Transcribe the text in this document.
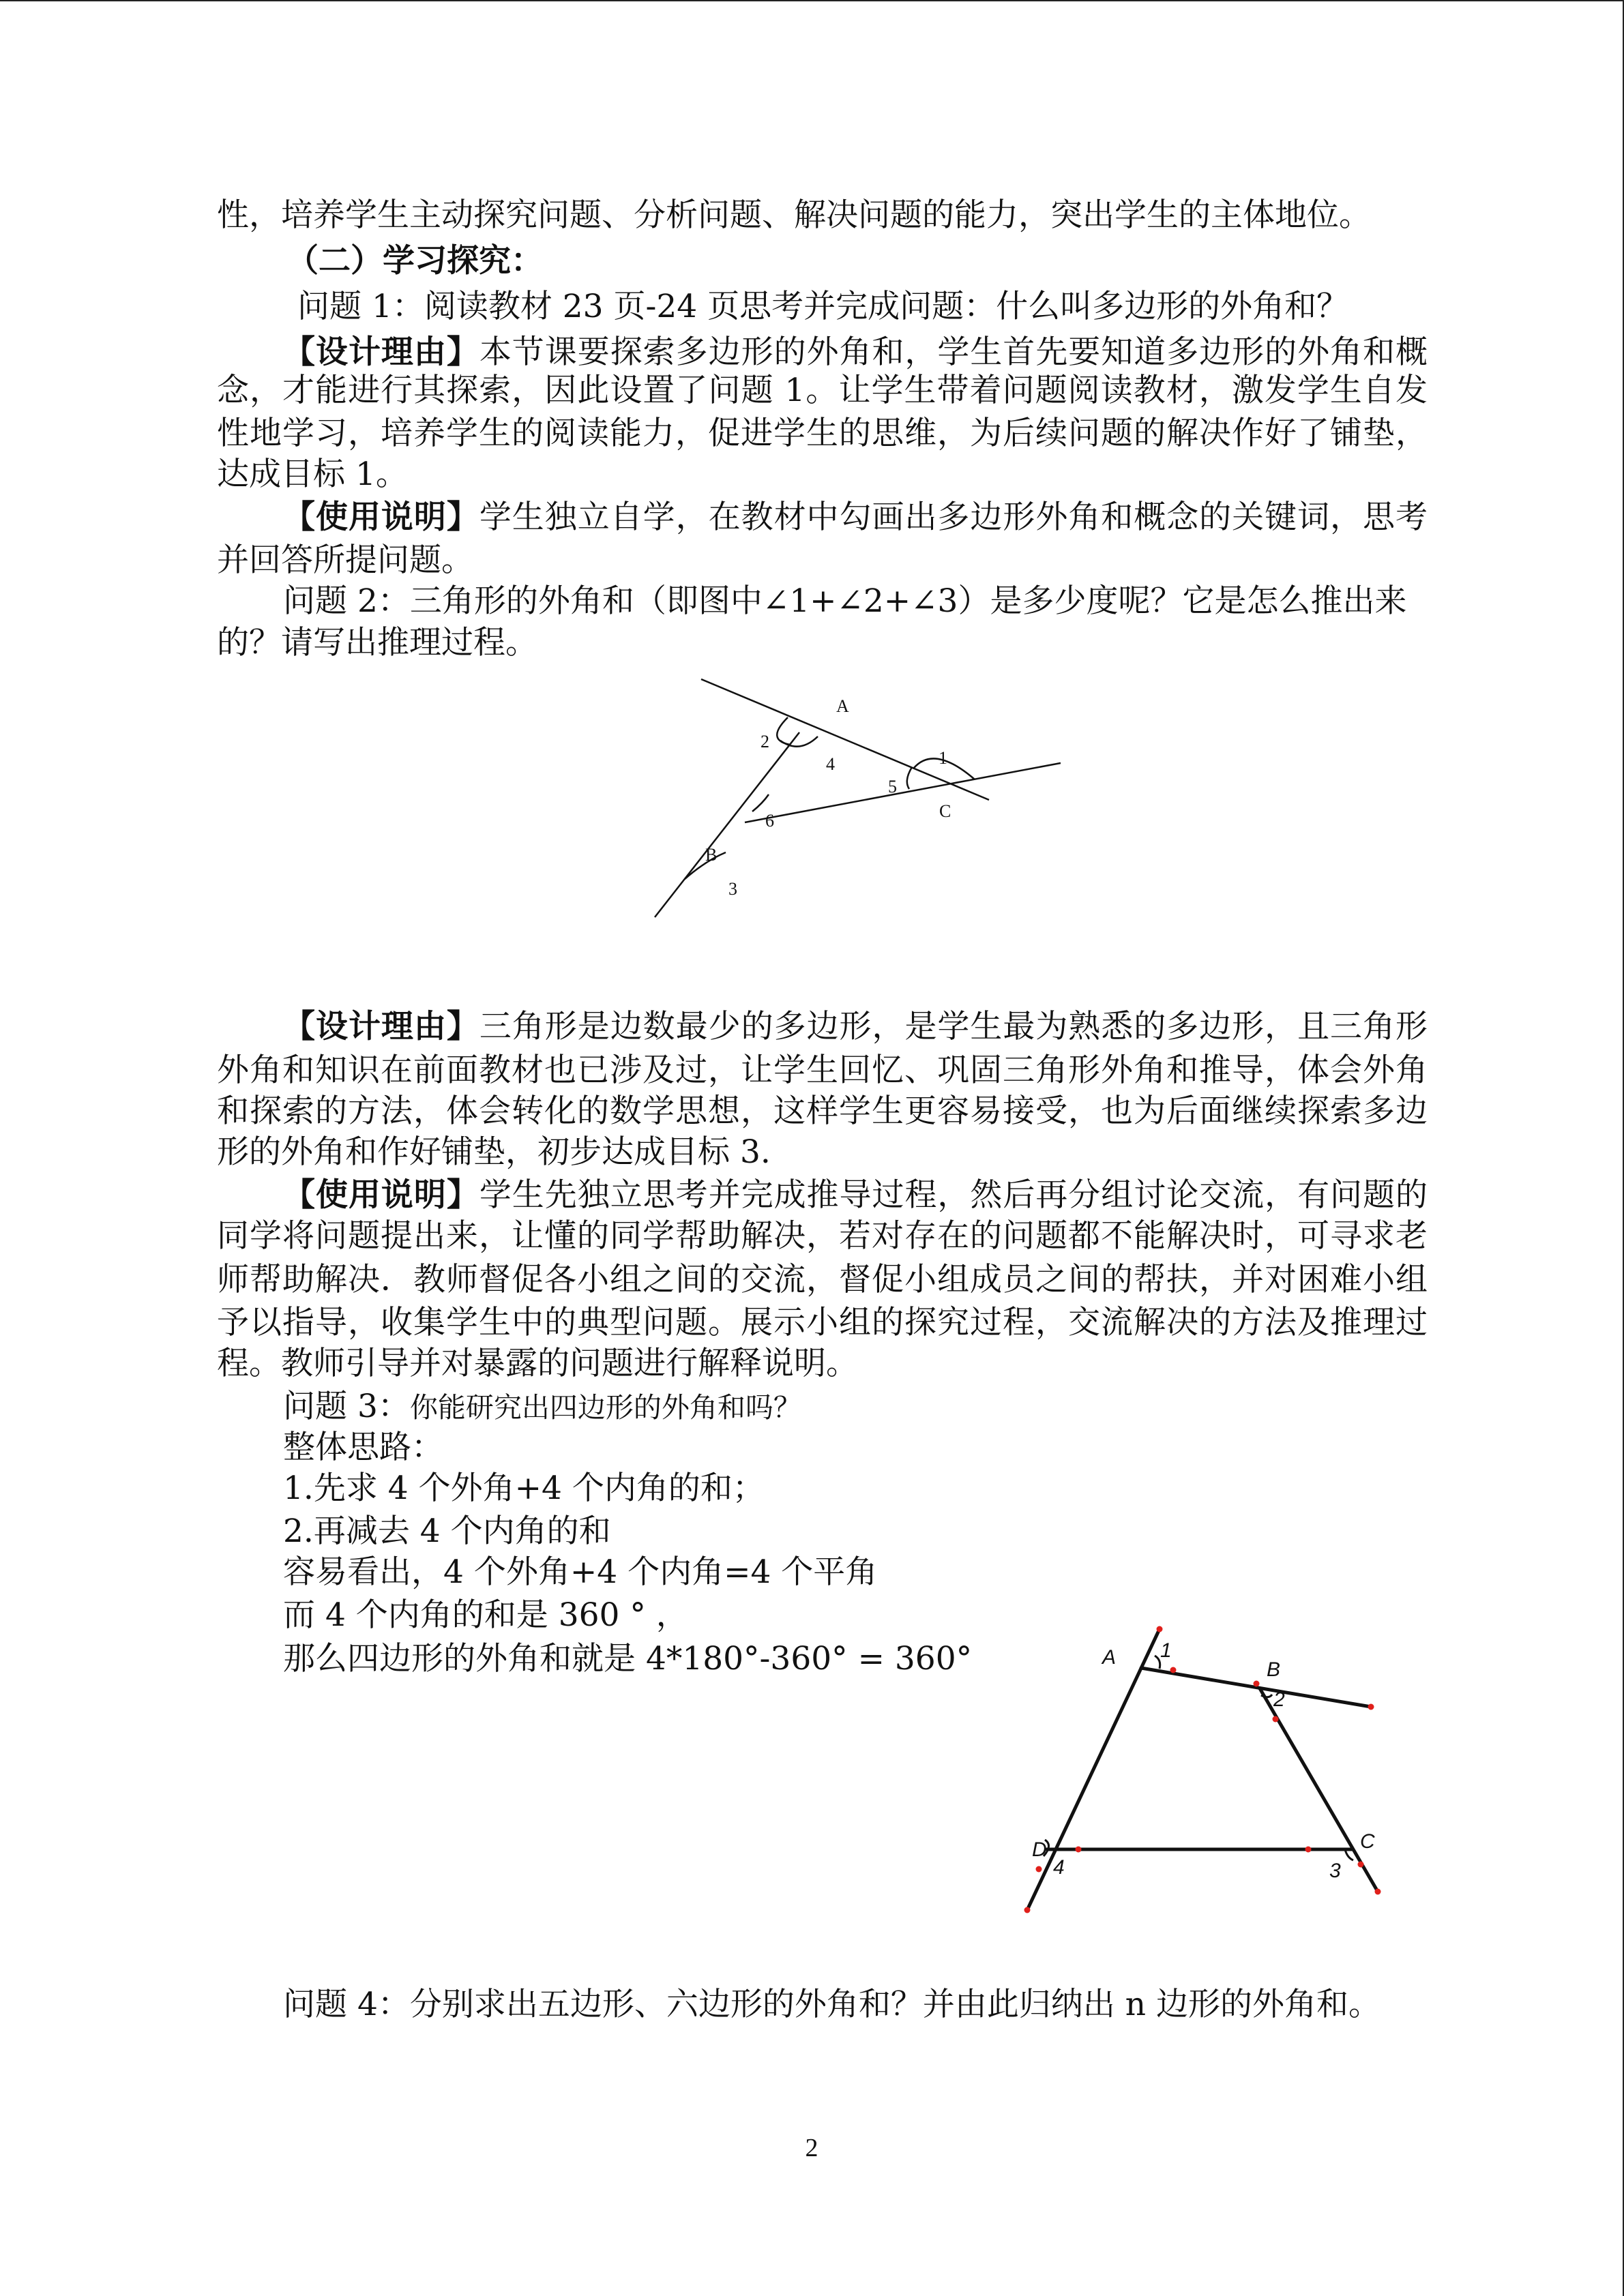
性，培养学生主动探究问题、分析问题、解决问题的能力，突出学生的主体地位。
（二）学习探究：
问题 1：阅读教材 23 页-24 页思考并完成问题：什么叫多边形的外角和？
【设计理由】本节课要探索多边形的外角和，学生首先要知道多边形的外角和概
念，才能进行其探索，因此设置了问题 1。让学生带着问题阅读教材，激发学生自发
性地学习，培养学生的阅读能力，促进学生的思维，为后续问题的解决作好了铺垫，
达成目标 1。
【使用说明】学生独立自学，在教材中勾画出多边形外角和概念的关键词，思考
并回答所提问题。
问题 2：三角形的外角和（即图中∠1+∠2+∠3）是多少度呢？它是怎么推出来
的？请写出推理过程。
A
B
C
1
2
3
4
5
6
【设计理由】三角形是边数最少的多边形，是学生最为熟悉的多边形，且三角形
外角和知识在前面教材也已涉及过，让学生回忆、巩固三角形外角和推导，体会外角
和探索的方法，体会转化的数学思想，这样学生更容易接受，也为后面继续探索多边
形的外角和作好铺垫，初步达成目标 3.
【使用说明】学生先独立思考并完成推导过程，然后再分组讨论交流，有问题的
同学将问题提出来，让懂的同学帮助解决，若对存在的问题都不能解决时，可寻求老
师帮助解决．教师督促各小组之间的交流，督促小组成员之间的帮扶，并对困难小组
予以指导，收集学生中的典型问题。展示小组的探究过程，交流解决的方法及推理过
程。教师引导并对暴露的问题进行解释说明。
问题 3：你能研究出四边形的外角和吗？
整体思路：
1.先求 4 个外角+4 个内角的和；
2.再减去 4 个内角的和
容易看出，4 个外角+4 个内角=4 个平角
而 4 个内角的和是 360 ° ，
那么四边形的外角和就是 4*180°-360° = 360°	A
B
C
D
1
2
3
4
问题 4：分别求出五边形、六边形的外角和？并由此归纳出 n 边形的外角和。
2
